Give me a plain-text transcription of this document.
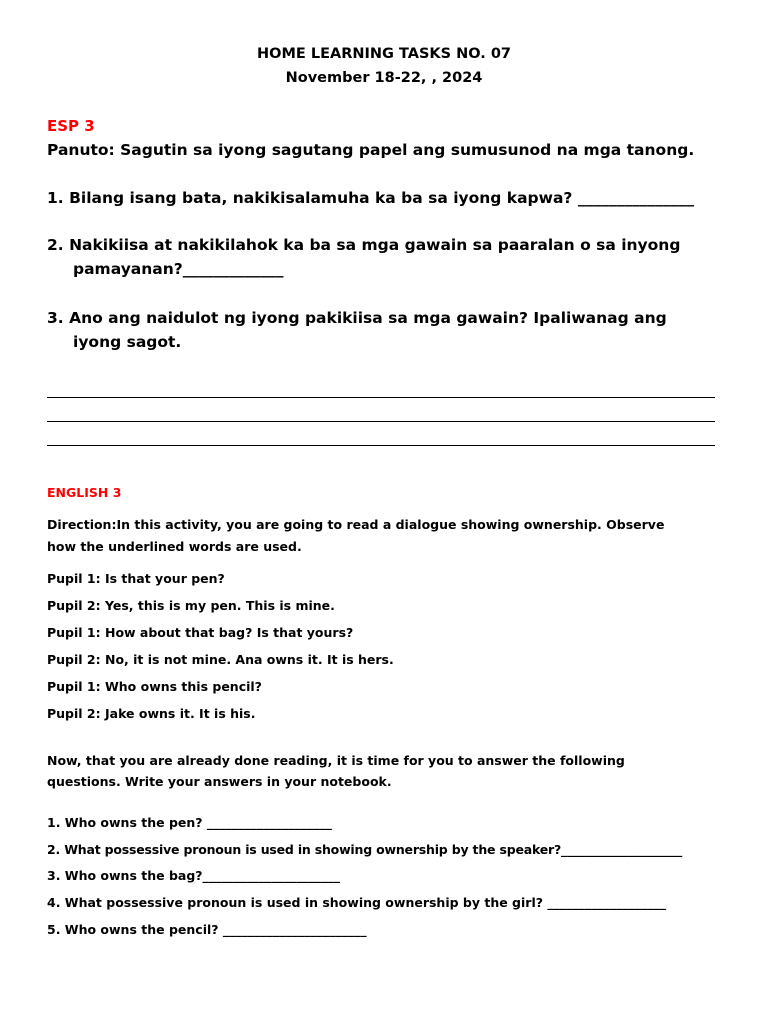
HOME LEARNING TASKS NO. 07
November 18-22, , 2024
ESP 3
Panuto: Sagutin sa iyong sagutang papel ang sumusunod na mga tanong.
1. Bilang isang bata, nakikisalamuha ka ba sa iyong kapwa? _______________
2. Nakikiisa at nakikilahok ka ba sa mga gawain sa paaralan o sa inyong
pamayanan?_____________
3. Ano ang naidulot ng iyong pakikiisa sa mga gawain? Ipaliwanag ang
iyong sagot.
ENGLISH 3
Direction:In this activity, you are going to read a dialogue showing ownership. Observe
how the underlined words are used.
Pupil 1: Is that your pen?
Pupil 2: Yes, this is my pen. This is mine.
Pupil 1: How about that bag? Is that yours?
Pupil 2: No, it is not mine. Ana owns it. It is hers.
Pupil 1: Who owns this pencil?
Pupil 2: Jake owns it. It is his.
Now, that you are already done reading, it is time for you to answer the following
questions. Write your answers in your notebook.
1. Who owns the pen? ____________________
2. What possessive pronoun is used in showing ownership by the speaker?____________________
3. Who owns the bag?______________________
4. What possessive pronoun is used in showing ownership by the girl? ___________________
5. Who owns the pencil? _______________________
